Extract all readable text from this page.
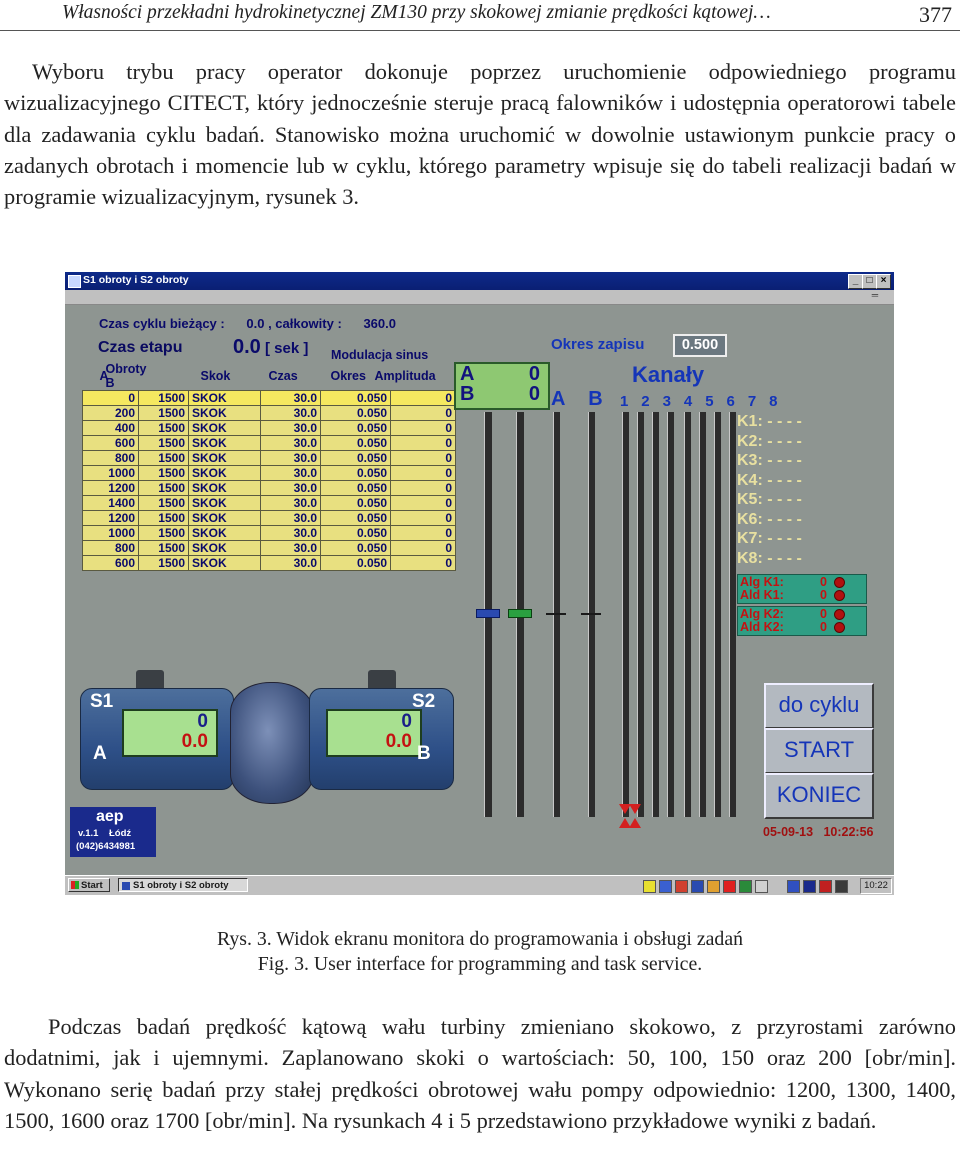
Własności przekładni hydrokinetycznej ZM130 przy skokowej zmianie prędkości kątowej…	377

Wyboru trybu pracy operator dokonuje poprzez uruchomienie odpowiedniego programu wizualizacyjnego CITECT, który jednocześnie steruje pracą falowników i udostępnia operatorowi tabele dla zadawania cyklu badań. Stanowisko można uruchomić w dowolnie ustawionym punkcie pracy o zadanych obrotach i momencie lub w cyklu, którego parametry wpisuje się do tabeli realizacji badań w programie wizualizacyjnym, rysunek 3.

S1 obroty i S2 obroty	_ □ ×
═
Czas cyklu bieżący :      0.0 , całkowity :      360.0
Czas etapu	0.0 [ sek ] Modulacja sinus
A	Obroty B	Skok	Czas	Okres	Amplituda
0	1500	SKOK	30.0	0.050	0
200	1500	SKOK	30.0	0.050	0
400	1500	SKOK	30.0	0.050	0
600	1500	SKOK	30.0	0.050	0
800	1500	SKOK	30.0	0.050	0
1000	1500	SKOK	30.0	0.050	0
1200	1500	SKOK	30.0	0.050	0
1400	1500	SKOK	30.0	0.050	0
1200	1500	SKOK	30.0	0.050	0
1000	1500	SKOK	30.0	0.050	0
800	1500	SKOK	30.0	0.050	0
600	1500	SKOK	30.0	0.050	0
A	0
B	0
Okres zapisu	0.500
Kanały
A B 1 2 3 4 5 6 7 8
K1: - - - -
K2: - - - -
K3: - - - -
K4: - - - -
K5: - - - -
K6: - - - -
K7: - - - -
K8: - - - -
Alg K1:	0
Ald K1:	0
Alg K2:	0
Ald K2:	0
0
0.0
S1
A
0
0.0
S2
B
aep
v.1.1    Łódź
(042)6434981
do cyklu
START
KONIEC
05-09-13   10:22:56
Start	S1 obroty i S2 obroty	10:22
Rys. 3. Widok ekranu monitora do programowania i obsługi zadań
Fig. 3. User interface for programming and task service.

Podczas badań prędkość kątową wału turbiny zmieniano skokowo, z przyrostami zarówno dodatnimi, jak i ujemnymi. Zaplanowano skoki o wartościach: 50, 100, 150 oraz 200 [obr/min]. Wykonano serię badań przy stałej prędkości obrotowej wału pompy odpowiednio: 1200, 1300, 1400, 1500, 1600 oraz 1700 [obr/min]. Na rysunkach 4 i 5 przedstawiono przykładowe wyniki z badań.
